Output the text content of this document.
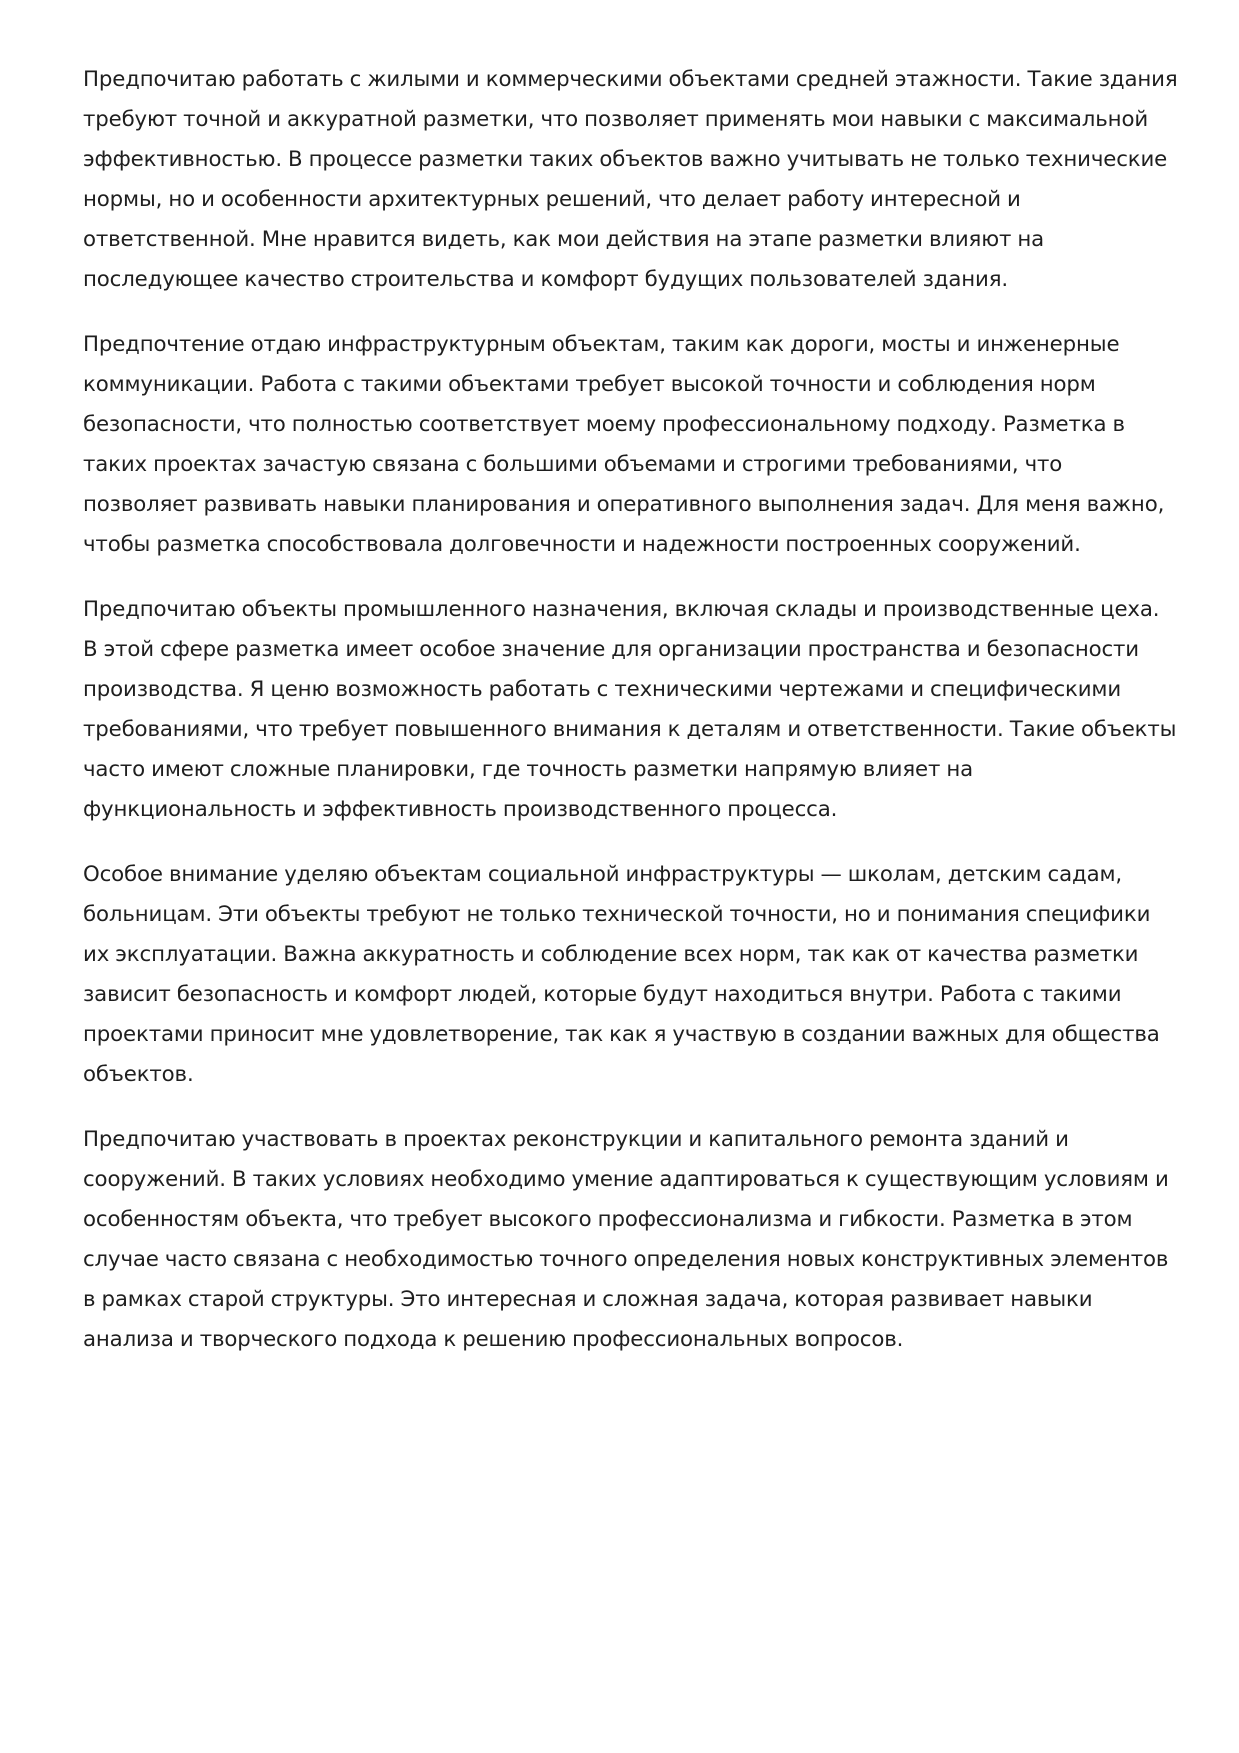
Предпочитаю работать с жилыми и коммерческими объектами средней этажности. Такие здания требуют точной и аккуратной разметки, что позволяет применять мои навыки с максимальной эффективностью. В процессе разметки таких объектов важно учитывать не только технические нормы, но и особенности архитектурных решений, что делает работу интересной и ответственной. Мне нравится видеть, как мои действия на этапе разметки влияют на последующее качество строительства и комфорт будущих пользователей здания.

Предпочтение отдаю инфраструктурным объектам, таким как дороги, мосты и инженерные коммуникации. Работа с такими объектами требует высокой точности и соблюдения норм безопасности, что полностью соответствует моему профессиональному подходу. Разметка в таких проектах зачастую связана с большими объемами и строгими требованиями, что позволяет развивать навыки планирования и оперативного выполнения задач. Для меня важно, чтобы разметка способствовала долговечности и надежности построенных сооружений.

Предпочитаю объекты промышленного назначения, включая склады и производственные цеха. В этой сфере разметка имеет особое значение для организации пространства и безопасности производства. Я ценю возможность работать с техническими чертежами и специфическими требованиями, что требует повышенного внимания к деталям и ответственности. Такие объекты часто имеют сложные планировки, где точность разметки напрямую влияет на функциональность и эффективность производственного процесса.

Особое внимание уделяю объектам социальной инфраструктуры — школам, детским садам, больницам. Эти объекты требуют не только технической точности, но и понимания специфики их эксплуатации. Важна аккуратность и соблюдение всех норм, так как от качества разметки зависит безопасность и комфорт людей, которые будут находиться внутри. Работа с такими проектами приносит мне удовлетворение, так как я участвую в создании важных для общества объектов.

Предпочитаю участвовать в проектах реконструкции и капитального ремонта зданий и сооружений. В таких условиях необходимо умение адаптироваться к существующим условиям и особенностям объекта, что требует высокого профессионализма и гибкости. Разметка в этом случае часто связана с необходимостью точного определения новых конструктивных элементов в рамках старой структуры. Это интересная и сложная задача, которая развивает навыки анализа и творческого подхода к решению профессиональных вопросов.
